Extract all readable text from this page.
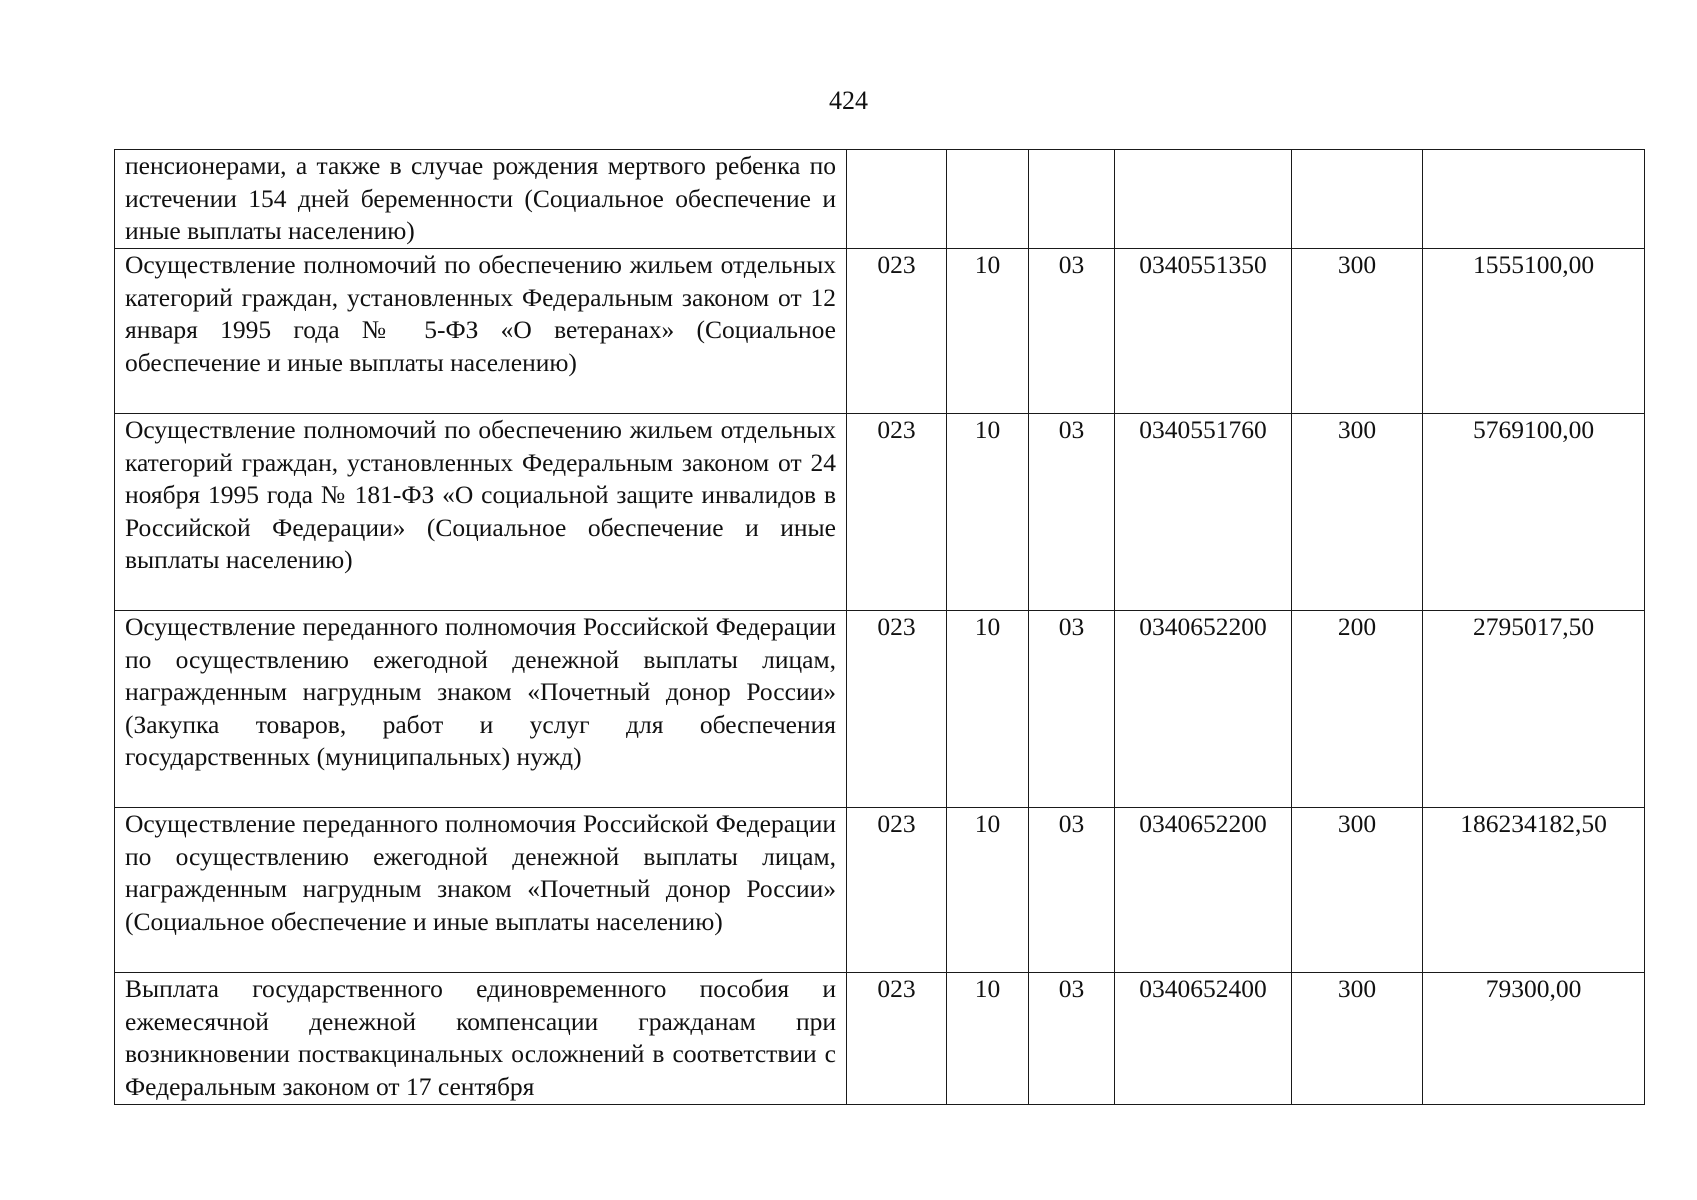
424
пенсионерами, а также в случае рождения мертвого ребенка по истечении 154 дней беременности (Социальное обеспечение и иные выплаты населению)						
Осуществление полномочий по обеспечению жильем отдельных категорий граждан, установленных Федеральным законом от 12 января 1995 года № 5-ФЗ «О ветеранах» (Социальное обеспечение и иные выплаты населению)	023	10	03	0340551350	300	1555100,00
Осуществление полномочий по обеспечению жильем отдельных категорий граждан, установленных Федеральным законом от 24 ноября 1995 года № 181-ФЗ «О социальной защите инвалидов в Российской Федерации» (Социальное обеспечение и иные выплаты населению)	023	10	03	0340551760	300	5769100,00
Осуществление переданного полномочия Российской Федерации по осуществлению ежегодной денежной выплаты лицам, награжденным нагрудным знаком «Почетный донор России» (Закупка товаров, работ и услуг для обеспечения государственных (муниципальных) нужд)	023	10	03	0340652200	200	2795017,50
Осуществление переданного полномочия Российской Федерации по осуществлению ежегодной денежной выплаты лицам, награжденным нагрудным знаком «Почетный донор России» (Социальное обеспечение и иные выплаты населению)	023	10	03	0340652200	300	186234182,50
Выплата государственного единовременного пособия и ежемесячной денежной компенсации гражданам при возникновении поствакцинальных осложнений в соответствии с Федеральным законом от 17 сентября	023	10	03	0340652400	300	79300,00
